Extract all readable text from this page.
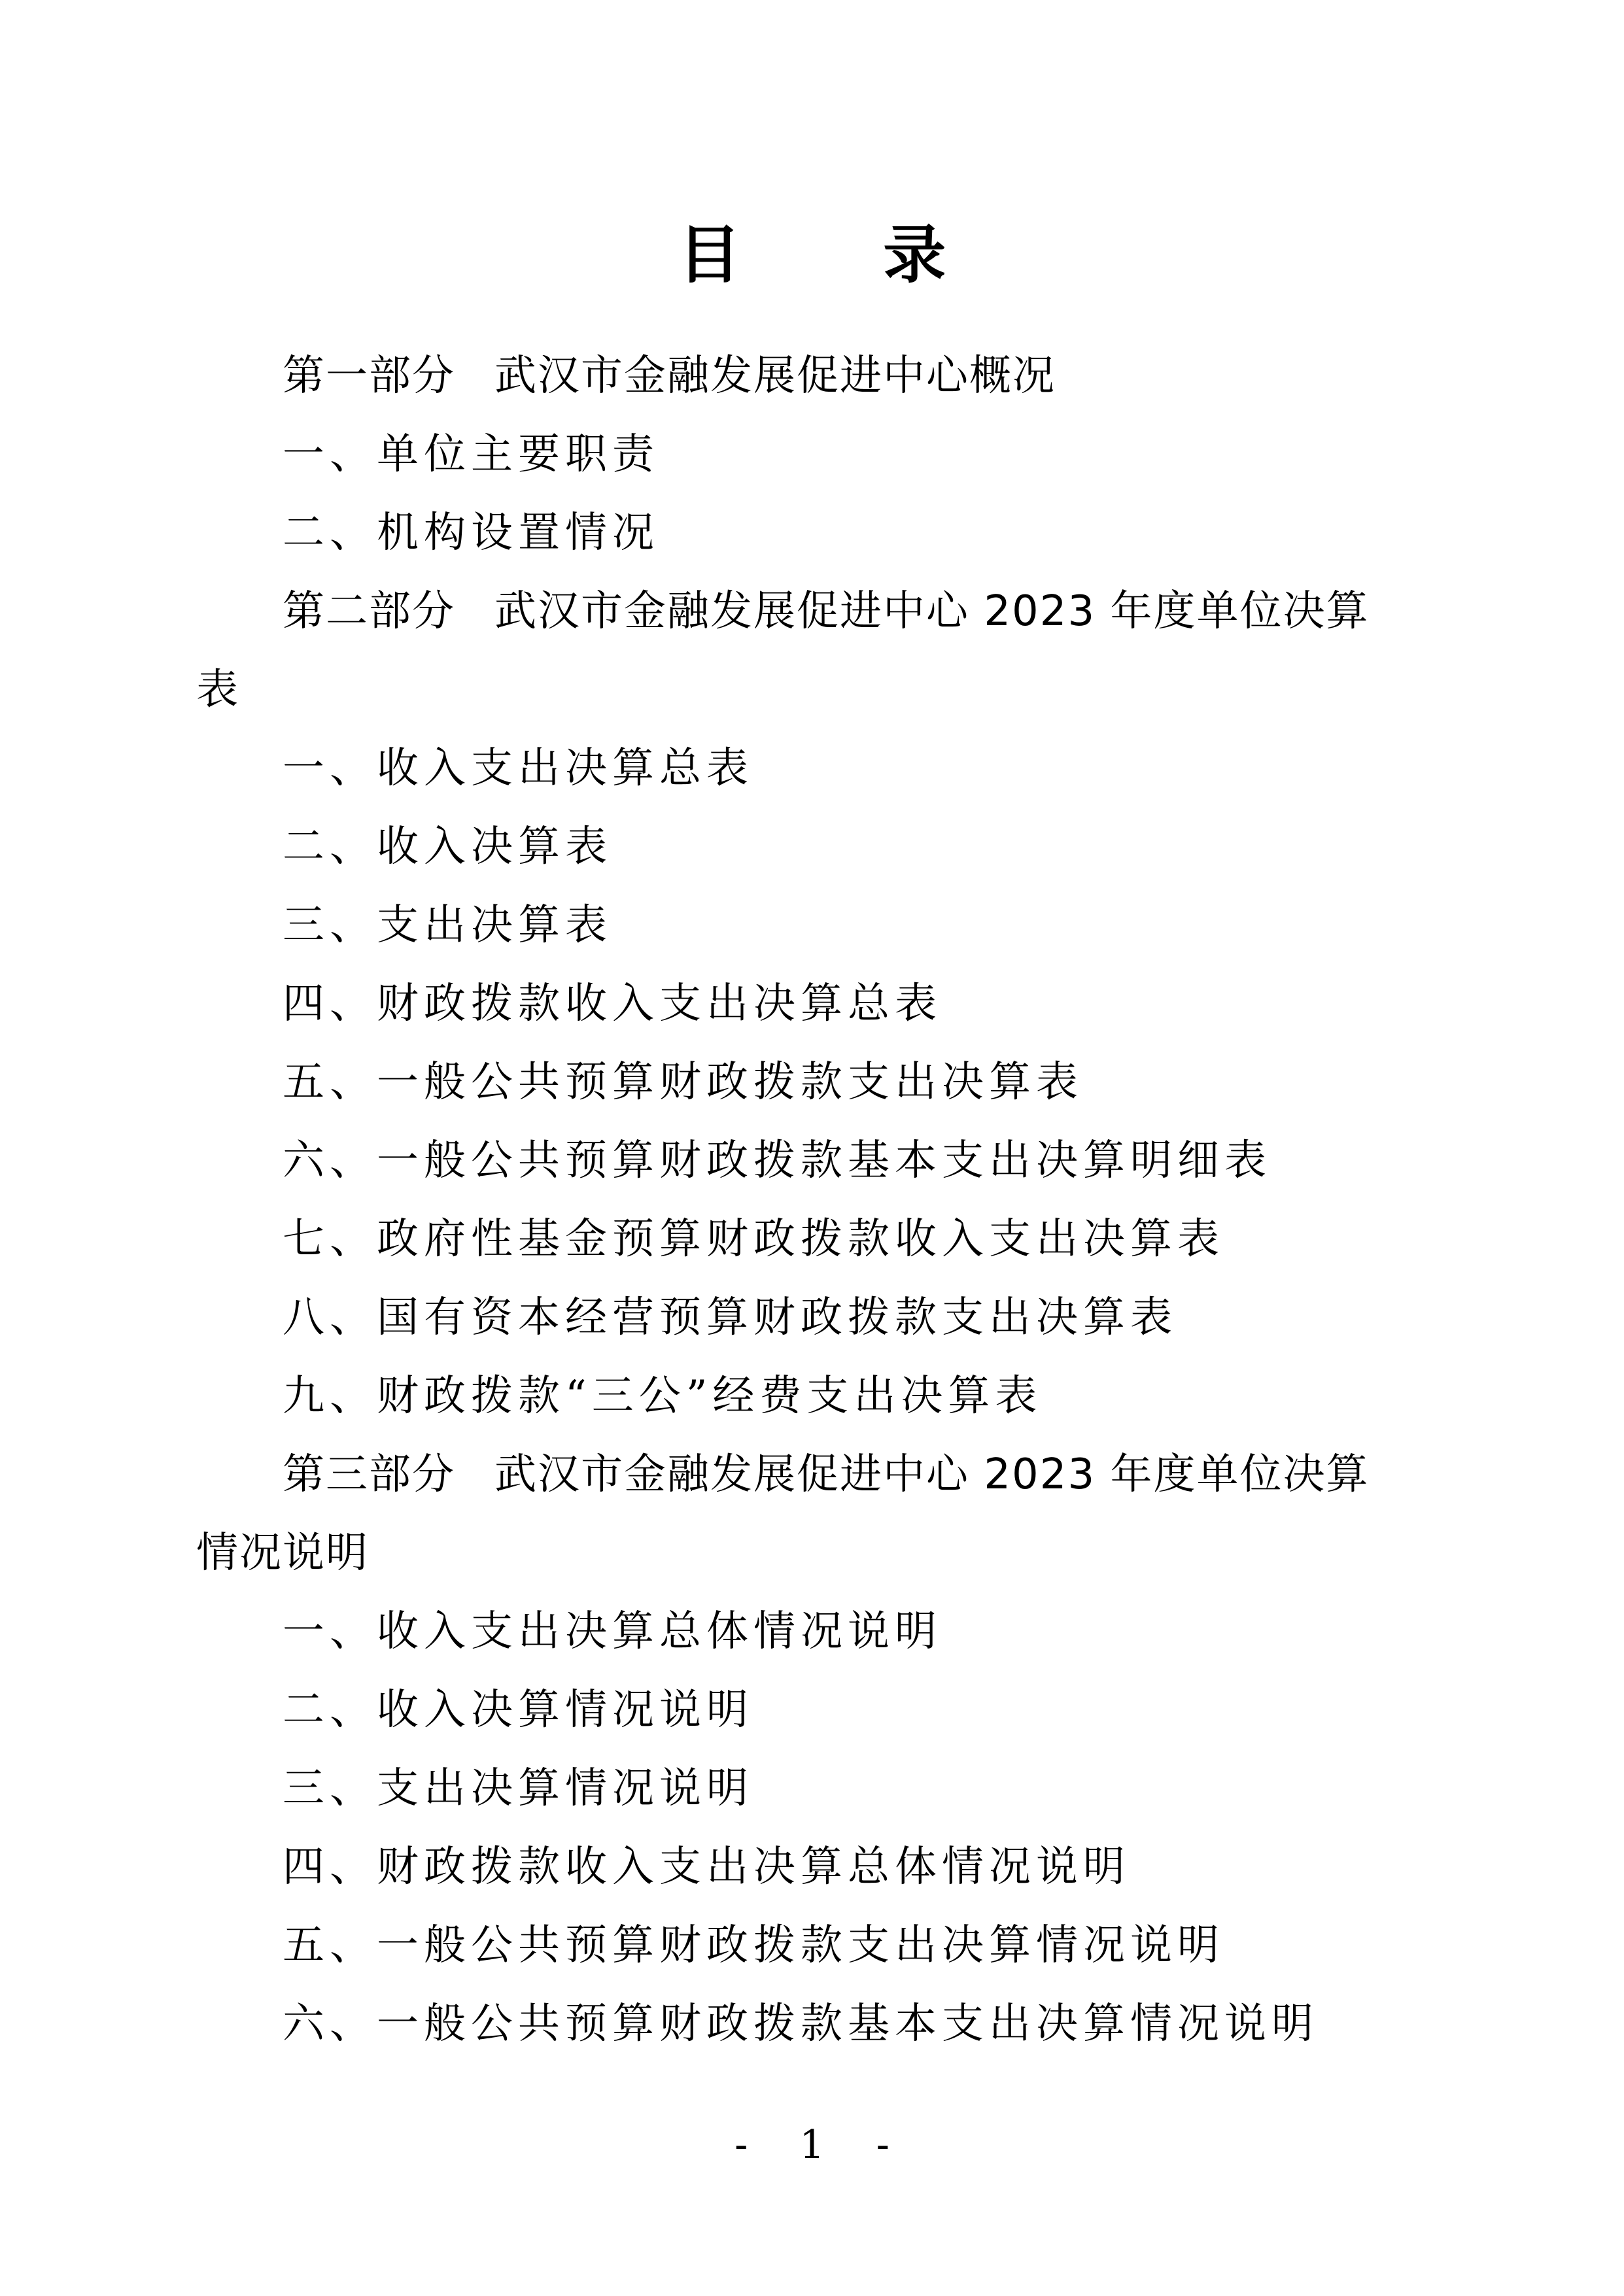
目 录
第一部分 武汉市金融发展促进中心概况
一、单位主要职责
二、机构设置情况
第二部分 武汉市金融发展促进中心 2023 年度单位决算
表
一、收入支出决算总表
二、收入决算表
三、支出决算表
四、财政拨款收入支出决算总表
五、一般公共预算财政拨款支出决算表
六、一般公共预算财政拨款基本支出决算明细表
七、政府性基金预算财政拨款收入支出决算表
八、国有资本经营预算财政拨款支出决算表
九、财政拨款“三公”经费支出决算表
第三部分 武汉市金融发展促进中心 2023 年度单位决算
情况说明
一、收入支出决算总体情况说明
二、收入决算情况说明
三、支出决算情况说明
四、财政拨款收入支出决算总体情况说明
五、一般公共预算财政拨款支出决算情况说明
六、一般公共预算财政拨款基本支出决算情况说明
- 1 -
